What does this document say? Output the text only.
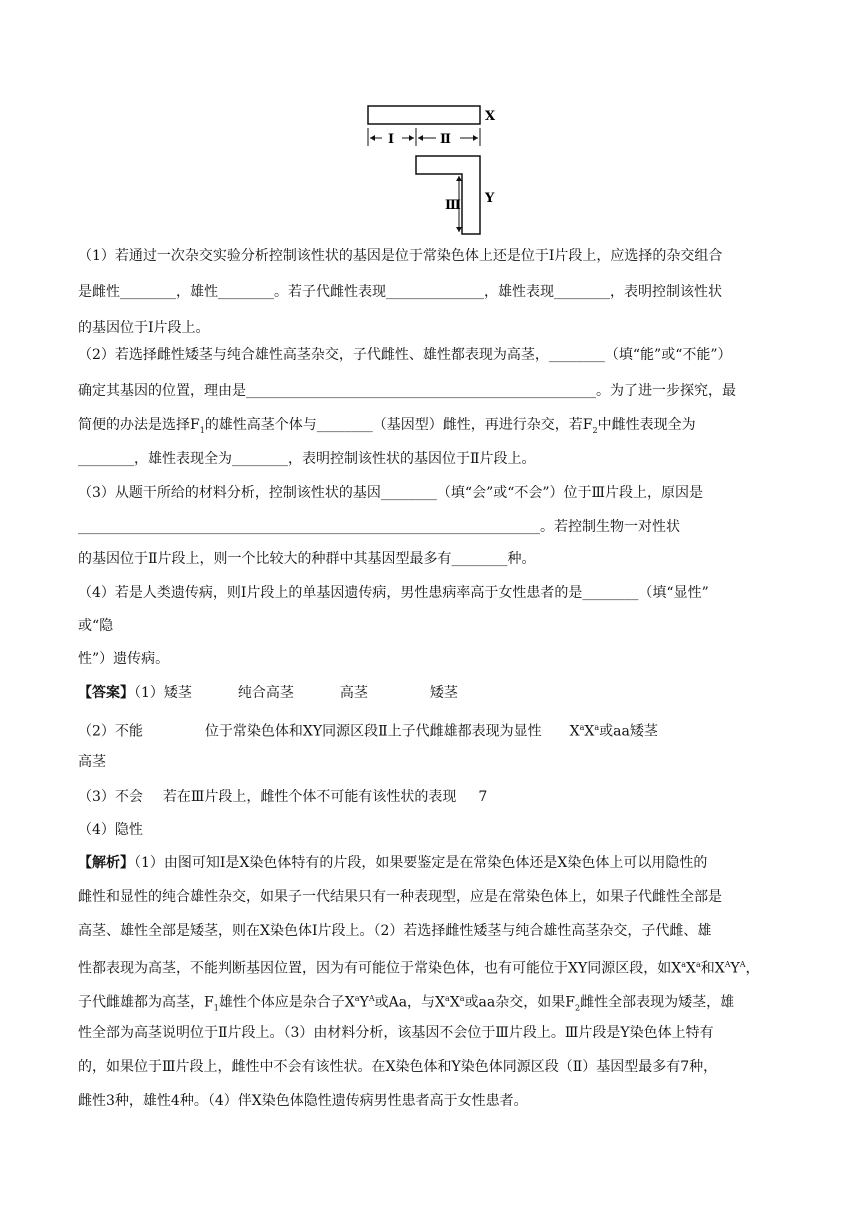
X
Ⅰ	Ⅱ
Y
Ⅲ
（1）若通过一次杂交实验分析控制该性状的基因是位于常染色体上还是位于Ⅰ片段上，应选择的杂交组合
是雌性________，雄性________。若子代雌性表现______________，雄性表现________，表明控制该性状
的基因位于Ⅰ片段上。
（2）若选择雌性矮茎与纯合雄性高茎杂交，子代雌性、雄性都表现为高茎，________（填“能”或“不能”）
确定其基因的位置，理由是__________________________________________________。为了进一步探究，最
简便的办法是选择$F_1$的雄性高茎个体与________（基因型）雌性，再进行杂交，若$F_2$中雌性表现全为
________，雄性表现全为________，表明控制该性状的基因位于Ⅱ片段上。
（3）从题干所给的材料分析，控制该性状的基因________（填“会”或“不会”）位于Ⅲ片段上，原因是
__________________________________________________________________。若控制生物一对性状
的基因位于Ⅱ片段上，则一个比较大的种群中其基因型最多有________种。
（4）若是人类遗传病，则Ⅰ片段上的单基因遗传病，男性患病率高于女性患者的是________（填“显性”
或“隐
性”）遗传病。
【答案】（1）矮茎	纯合高茎	高茎	矮茎
（2）不能	位于常染色体和XY同源区段Ⅱ上子代雌雄都表现为显性 $X^aX^a$或aa矮茎
高茎
（3）不会 若在Ⅲ片段上，雌性个体不可能有该性状的表现 7
（4）隐性
【解析】（1）由图可知Ⅰ是X染色体特有的片段，如果要鉴定是在常染色体还是X染色体上可以用隐性的
雌性和显性的纯合雄性杂交，如果子一代结果只有一种表现型，应是在常染色体上，如果子代雌性全部是
高茎、雄性全部是矮茎，则在X染色体Ⅰ片段上。（2）若选择雌性矮茎与纯合雄性高茎杂交，子代雌、雄
性都表现为高茎，不能判断基因位置，因为有可能位于常染色体，也有可能位于XY同源区段，如$X^aX^a$和$X^AY^A$，
子代雌雄都为高茎，$F_1$雄性个体应是杂合子$X^aY^A$或Aa，与$X^aX^a$或aa杂交，如果$F_2$雌性全部表现为矮茎，雄
性全部为高茎说明位于Ⅱ片段上。（3）由材料分析，该基因不会位于Ⅲ片段上。Ⅲ片段是Y染色体上特有
的，如果位于Ⅲ片段上，雌性中不会有该性状。在X染色体和Y染色体同源区段（Ⅱ）基因型最多有7种，
雌性3种，雄性4种。（4）伴X染色体隐性遗传病男性患者高于女性患者。
